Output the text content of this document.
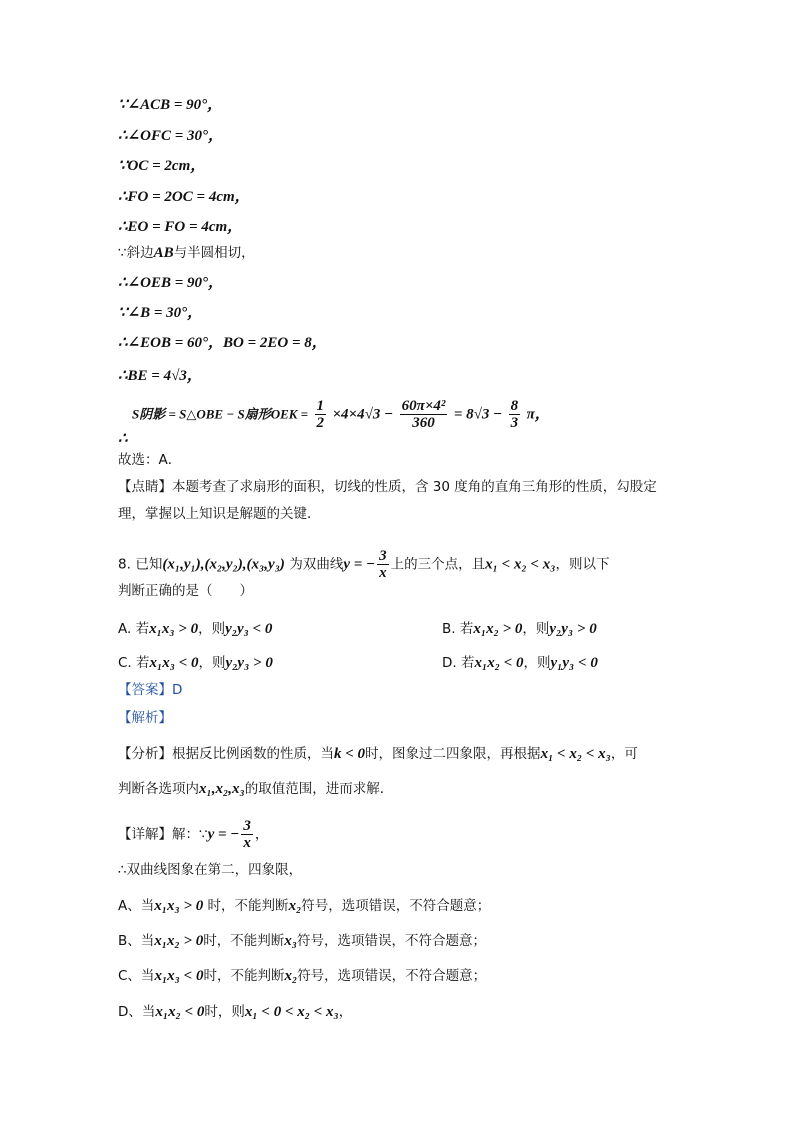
∵∠ACB = 90°，
∴∠OFC = 30°，
∵OC = 2cm，
∴FO = 2OC = 4cm，
∴EO = FO = 4cm，
∵斜边AB与半圆相切，
∴∠OEB = 90°，
∵∠B = 30°，
∴∠EOB = 60°，BO = 2EO = 8，
∴BE = 4√3，
∴ S阴影 = S△OBE − S扇形OEK = $\frac{1}{2} \times 4\times 4√3 - \frac{\text{60π×4²}}{360} = 8√3 - \frac{8}{3}$ π，
故选：A．
【点睛】本题考查了求扇形的面积，切线的性质，含 30 度角的直角三角形的性质，勾股定
理，掌握以上知识是解题的关键．
8. 已知(x₁,y₁),(x₂,y₂),(x₃,y₃) 为双曲线y = − $\frac{3}{x}$ 上的三个点，且x₁ < x₂ < x₃，则以下
判断正确的是（　　）
A. 若x₁x₃ > 0，则y₂y₃ < 0	B. 若x₁x₂ > 0，则y₂y₃ > 0
C. 若x₁x₃ < 0，则y₂y₃ > 0	D. 若x₁x₂ < 0，则y₁y₃ < 0
【答案】D
【解析】
【分析】根据反比例函数的性质，当k < 0时，图象过二四象限，再根据x₁ < x₂ < x₃，可
判断各选项内x₁,x₂,x₃的取值范围，进而求解．
【详解】解：∵y = − $\frac{3}{x}$ ，
∴双曲线图象在第二，四象限，
A、当x₁x₃ > 0 时，不能判断x₂符号，选项错误，不符合题意；
B、当x₁x₂ > 0时，不能判断x₃符号，选项错误，不符合题意；
C、当x₁x₃ < 0时，不能判断x₂符号，选项错误，不符合题意；
D、当x₁x₂ < 0时，则x₁ < 0 < x₂ < x₃，
